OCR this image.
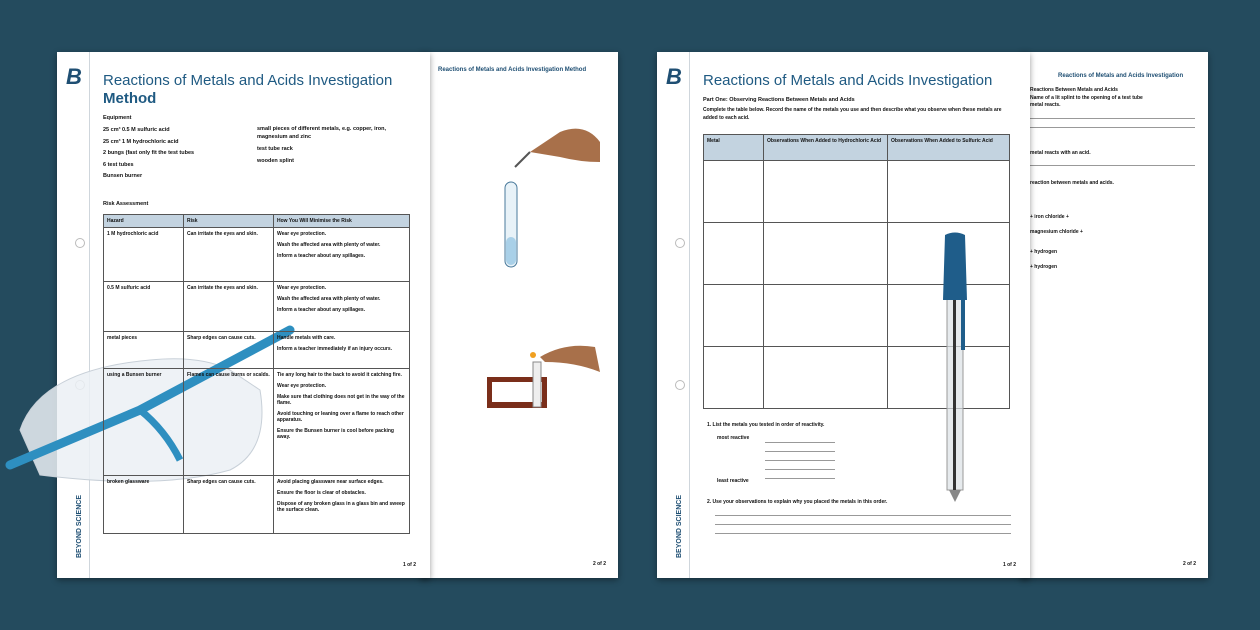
Reactions of Metals and Acids Investigation Method
2 of 2
B
BEYOND SCIENCE
Reactions of Metals and Acids Investigation
Method
Equipment
25 cm³ 0.5 M sulfuric acid
25 cm³ 1 M hydrochloric acid
2 bungs (fast only fit the test tubes
6 test tubes
Bunsen burner
small pieces of different metals, e.g. copper, iron, magnesium and zinc
test tube rack
wooden splint
Risk Assessment
Hazard	Risk	How You Will Minimise the Risk
1 M hydrochloric acid	Can irritate the eyes and skin.	Wear eye protection.
Wash the affected area with plenty of water.
Inform a teacher about any spillages.

0.5 M sulfuric acid	Can irritate the eyes and skin.	Wear eye protection.
Wash the affected area with plenty of water.
Inform a teacher about any spillages.

metal pieces	Sharp edges can cause cuts.	Handle metals with care.
Inform a teacher immediately if an injury occurs.

using a Bunsen burner	Flames can cause burns or scalds.	Tie any long hair to the back to avoid it catching fire.
Wear eye protection.
Make sure that clothing does not get in the way of the flame.
Avoid touching or leaning over a flame to reach other apparatus.
Ensure the Bunsen burner is cool before packing away.

broken glassware	Sharp edges can cause cuts.	Avoid placing glassware near surface edges.
Ensure the floor is clear of obstacles.
Dispose of any broken glass in a glass bin and sweep the surface clean.
1 of 2
Reactions of Metals and Acids Investigation
Reactions Between Metals and Acids
Name of a lit splint to the opening of a test tube
metal reacts.
metal reacts with an acid.
reaction between metals and acids.
+ iron chloride +
magnesium chloride +
+ hydrogen
+ hydrogen
2 of 2
B
BEYOND SCIENCE
Reactions of Metals and Acids Investigation
Part One: Observing Reactions Between Metals and Acids
Complete the table below. Record the name of the metals you use and then describe what you observe when these metals are added to each acid.
Metal	Observations When Added to Hydrochloric Acid	Observations When Added to Sulfuric Acid

1. List the metals you tested in order of reactivity.
most reactive
least reactive
2. Use your observations to explain why you placed the metals in this order.
1 of 2
